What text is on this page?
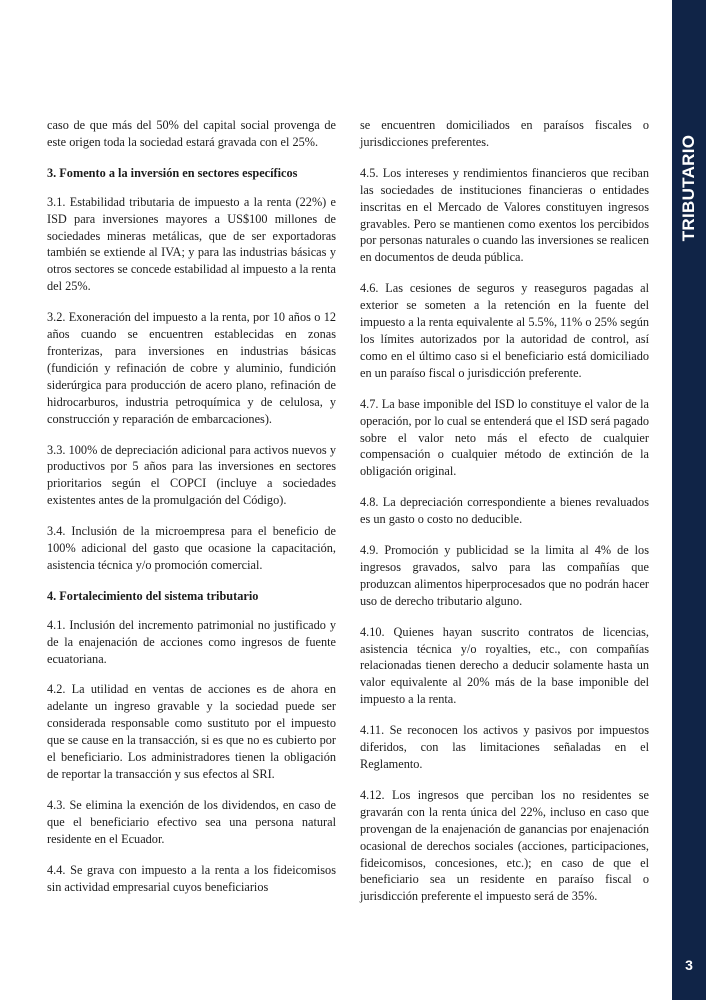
caso de que más del 50% del capital social provenga de este origen toda la sociedad estará gravada con el 25%.

3. Fomento a la inversión en sectores específicos

3.1. Estabilidad tributaria de impuesto a la renta (22%) e ISD para inversiones mayores a US$100 millones de sociedades mineras metálicas, que de ser exportadoras también se extiende al IVA; y para las industrias básicas y otros sectores se concede estabilidad al impuesto a la renta del 25%.

3.2. Exoneración del impuesto a la renta, por 10 años o 12 años cuando se encuentren establecidas en zonas fronterizas, para inversiones en industrias básicas (fundición y refinación de cobre y aluminio, fundición siderúrgica para producción de acero plano, refinación de hidrocarburos, industria petroquímica y de celulosa, y construcción y reparación de embarcaciones).

3.3. 100% de depreciación adicional para activos nuevos y productivos por 5 años para las inversiones en sectores prioritarios según el COPCI (incluye a sociedades existentes antes de la promulgación del Código).

3.4. Inclusión de la microempresa para el beneficio de 100% adicional del gasto que ocasione la capacitación, asistencia técnica y/o promoción comercial.

4. Fortalecimiento del sistema tributario

4.1. Inclusión del incremento patrimonial no justificado y de la enajenación de acciones como ingresos de fuente ecuatoriana.

4.2. La utilidad en ventas de acciones es de ahora en adelante un ingreso gravable y la sociedad puede ser considerada responsable como sustituto por el impuesto que se cause en la transacción, si es que no es cubierto por el beneficiario. Los administradores tienen la obligación de reportar la transacción y sus efectos al SRI.

4.3. Se elimina la exención de los dividendos, en caso de que el beneficiario efectivo sea una persona natural residente en el Ecuador.

4.4. Se grava con impuesto a la renta a los fideicomisos sin actividad empresarial cuyos beneficiarios

se encuentren domiciliados en paraísos fiscales o jurisdicciones preferentes.

4.5. Los intereses y rendimientos financieros que reciban las sociedades de instituciones financieras o entidades inscritas en el Mercado de Valores constituyen ingresos gravables. Pero se mantienen como exentos los percibidos por personas naturales o cuando las inversiones se realicen en documentos de deuda pública.

4.6. Las cesiones de seguros y reaseguros pagadas al exterior se someten a la retención en la fuente del impuesto a la renta equivalente al 5.5%, 11% o 25% según los límites autorizados por la autoridad de control, así como en el último caso si el beneficiario está domiciliado en un paraíso fiscal o jurisdicción preferente.

4.7. La base imponible del ISD lo constituye el valor de la operación, por lo cual se entenderá que el ISD será pagado sobre el valor neto más el efecto de cualquier compensación o cualquier método de extinción de la obligación original.

4.8. La depreciación correspondiente a bienes revaluados es un gasto o costo no deducible.

4.9. Promoción y publicidad se la limita al 4% de los ingresos gravados, salvo para las compañías que produzcan alimentos hiperprocesados que no podrán hacer uso de derecho tributario alguno.

4.10. Quienes hayan suscrito contratos de licencias, asistencia técnica y/o royalties, etc., con compañías relacionadas tienen derecho a deducir solamente hasta un valor equivalente al 20% más de la base imponible del impuesto a la renta.

4.11. Se reconocen los activos y pasivos por impuestos diferidos, con las limitaciones señaladas en el Reglamento.

4.12. Los ingresos que perciban los no residentes se gravarán con la renta única del 22%, incluso en caso que provengan de la enajenación de ganancias por enajenación ocasional de derechos sociales (acciones, participaciones, fideicomisos, concesiones, etc.); en caso de que el beneficiario sea un residente en paraíso fiscal o jurisdicción preferente el impuesto será de 35%.

TRIBUTARIO
3
